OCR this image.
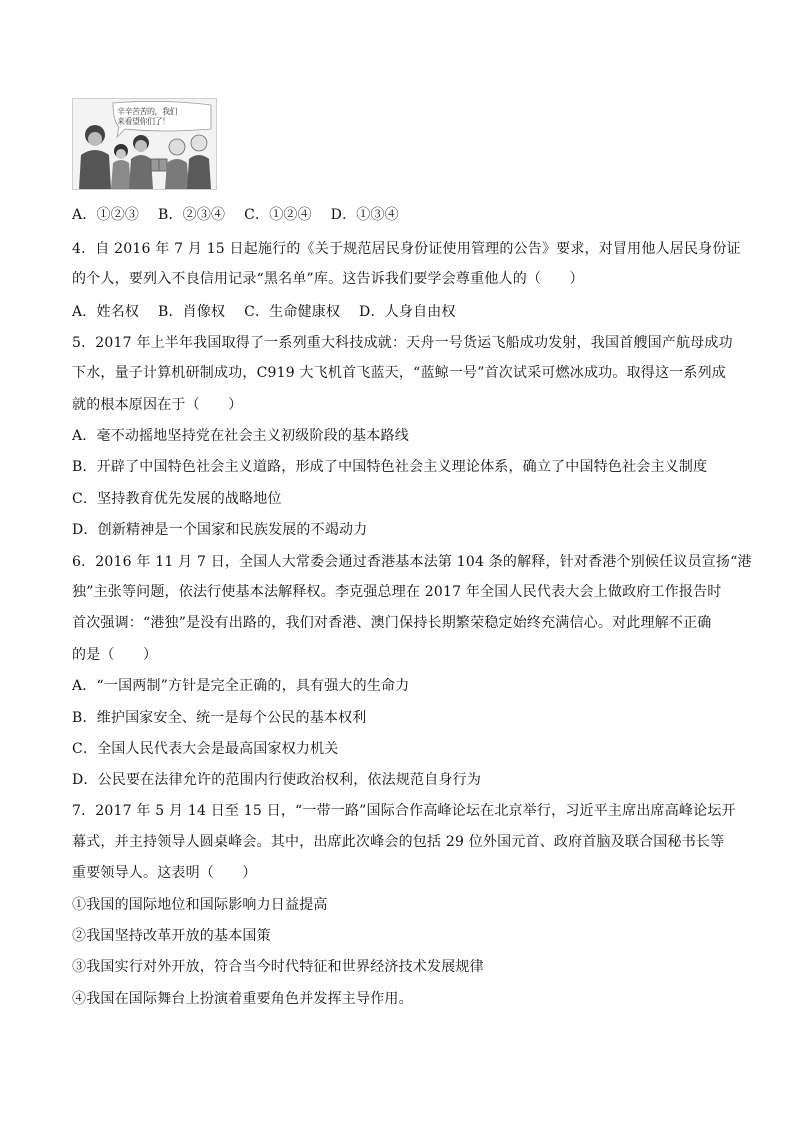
辛辛苦苦的，我们
来看望你们了！
A．①②③　 B．②③④　 C．①②④　 D．①③④
4．自 2016 年 7 月 15 日起施行的《关于规范居民身份证使用管理的公告》要求，对冒用他人居民身份证
的个人，要列入不良信用记录“黑名单”库。这告诉我们要学会尊重他人的（　　）
A．姓名权　 B．肖像权　 C．生命健康权　 D．人身自由权
5．2017 年上半年我国取得了一系列重大科技成就：天舟一号货运飞船成功发射，我国首艘国产航母成功
下水，量子计算机研制成功，C919 大飞机首飞蓝天，“蓝鲸一号”首次试采可燃冰成功。取得这一系列成
就的根本原因在于（　　）
A．毫不动摇地坚持党在社会主义初级阶段的基本路线
B．开辟了中国特色社会主义道路，形成了中国特色社会主义理论体系，确立了中国特色社会主义制度
C．坚持教育优先发展的战略地位
D．创新精神是一个国家和民族发展的不竭动力
6．2016 年 11 月 7 日，全国人大常委会通过香港基本法第 104 条的解释，针对香港个别候任议员宣扬“港
独”主张等问题，依法行使基本法解释权。李克强总理在 2017 年全国人民代表大会上做政府工作报告时
首次强调：“港独”是没有出路的，我们对香港、澳门保持长期繁荣稳定始终充满信心。对此理解不正确
的是（　　）
A．“一国两制”方针是完全正确的，具有强大的生命力
B．维护国家安全、统一是每个公民的基本权利
C．全国人民代表大会是最高国家权力机关
D．公民要在法律允许的范围内行使政治权利，依法规范自身行为
7．2017 年 5 月 14 日至 15 日，“一带一路”国际合作高峰论坛在北京举行，习近平主席出席高峰论坛开
幕式，并主持领导人圆桌峰会。其中，出席此次峰会的包括 29 位外国元首、政府首脑及联合国秘书长等
重要领导人。这表明（　　）
①我国的国际地位和国际影响力日益提高
②我国坚持改革开放的基本国策
③我国实行对外开放，符合当今时代特征和世界经济技术发展规律
④我国在国际舞台上扮演着重要角色并发挥主导作用。
